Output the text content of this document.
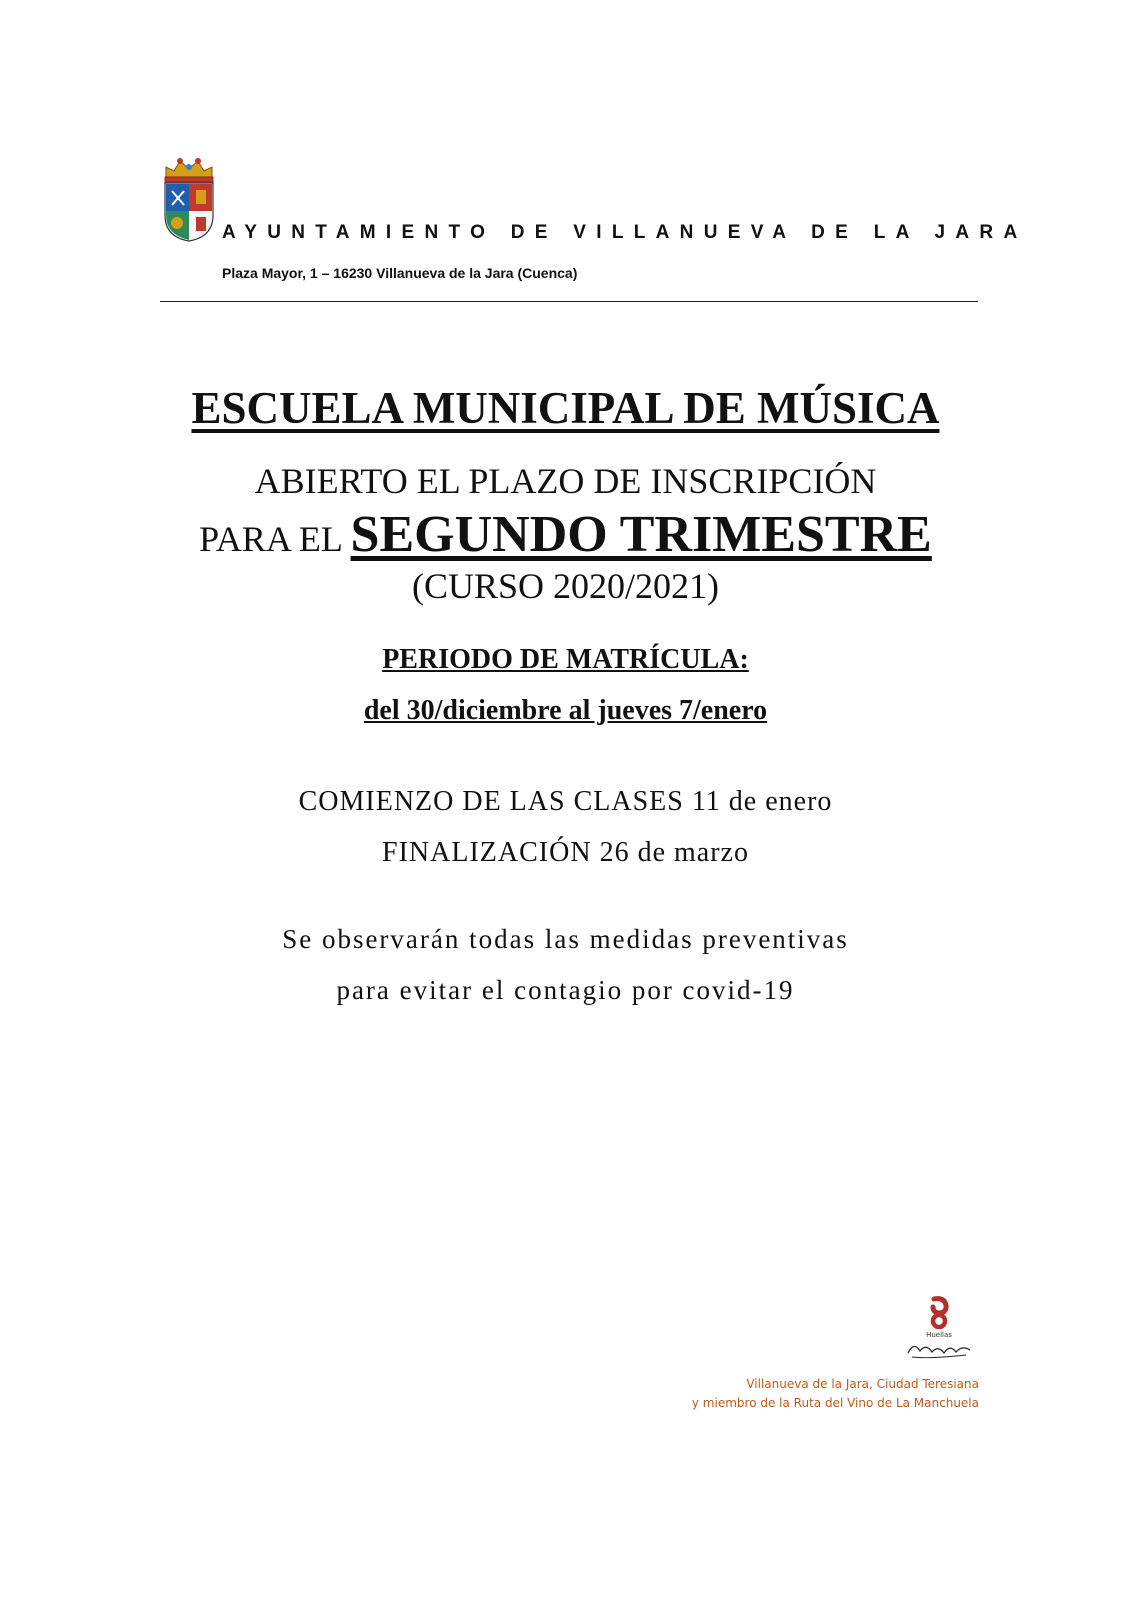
AYUNTAMIENTO DE VILLANUEVA DE LA JARA
Plaza Mayor, 1 – 16230 Villanueva de la Jara (Cuenca)
ESCUELA MUNICIPAL DE MÚSICA
ABIERTO EL PLAZO DE INSCRIPCIÓN
PARA EL SEGUNDO TRIMESTRE
(CURSO 2020/2021)
PERIODO DE MATRÍCULA:
del 30/diciembre al jueves 7/enero
COMIENZO DE LAS CLASES 11 de enero
FINALIZACIÓN 26 de marzo
Se observarán todas las medidas preventivas
para evitar el contagio por covid-19
Huellas
Villanueva de la Jara, Ciudad Teresiana
y miembro de la Ruta del Vino de La Manchuela
